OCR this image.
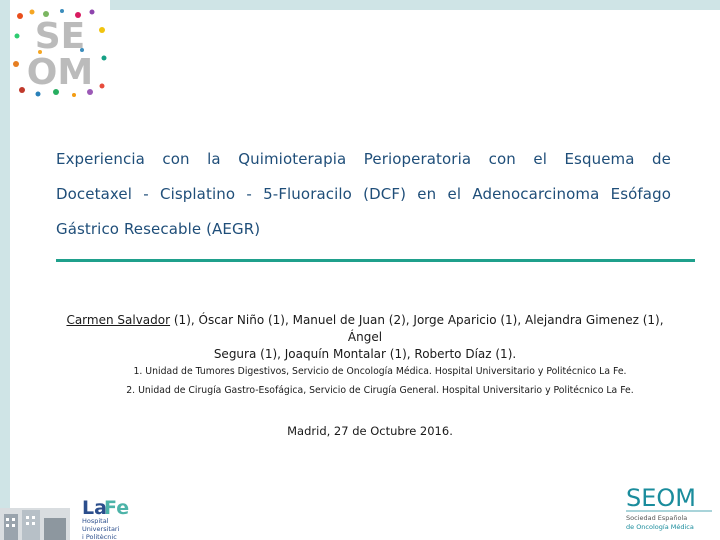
SE
OM
Experiencia con la Quimioterapia Perioperatoria con el Esquema de
Docetaxel - Cisplatino - 5-Fluoracilo (DCF) en el Adenocarcinoma Esófago
Gástrico Resecable (AEGR)
Carmen Salvador (1), Óscar Niño (1), Manuel de Juan (2), Jorge Aparicio (1), Alejandra Gimenez (1), Ángel
Segura (1), Joaquín Montalar (1), Roberto Díaz (1).
1. Unidad de Tumores Digestivos, Servicio de Oncología Médica. Hospital Universitario y Politécnico La Fe.
2. Unidad de Cirugía Gastro-Esofágica, Servicio de Cirugía General. Hospital Universitario y Politécnico La Fe.
Madrid, 27 de Octubre 2016.
La
Fe
Hospital
Universitari
i Politècnic
SEOM
Sociedad Española
de Oncología Médica
